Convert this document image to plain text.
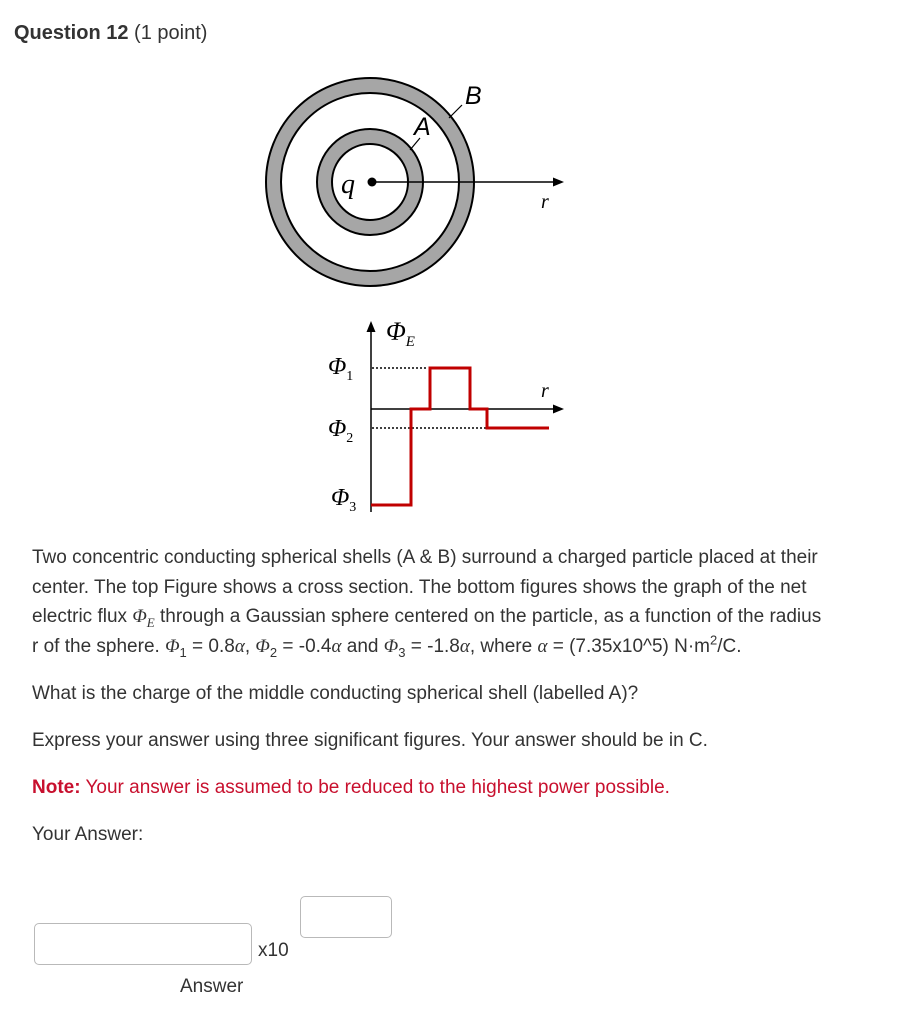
Question 12 (1 point)
B
A
q
r
$\Phi_E$
$\Phi_1$
$\Phi_2$
$\Phi_3$
r

Two concentric conducting spherical shells (A & B) surround a charged particle placed at their center. The top Figure shows a cross section. The bottom figures shows the graph of the net electric flux $\Phi_E$ through a Gaussian sphere centered on the particle, as a function of the radius r of the sphere. $\Phi_1 = 0.8\alpha$, $\Phi_2 = -0.4\alpha$ and $\Phi_3 = -1.8\alpha$, where α = (7.35x10^5) $N\cdot m^2/C$.

What is the charge of the middle conducting spherical shell (labelled A)?

Express your answer using three significant figures. Your answer should be in C.

Note: Your answer is assumed to be reduced to the highest power possible.

Your Answer:

x10
Answer
